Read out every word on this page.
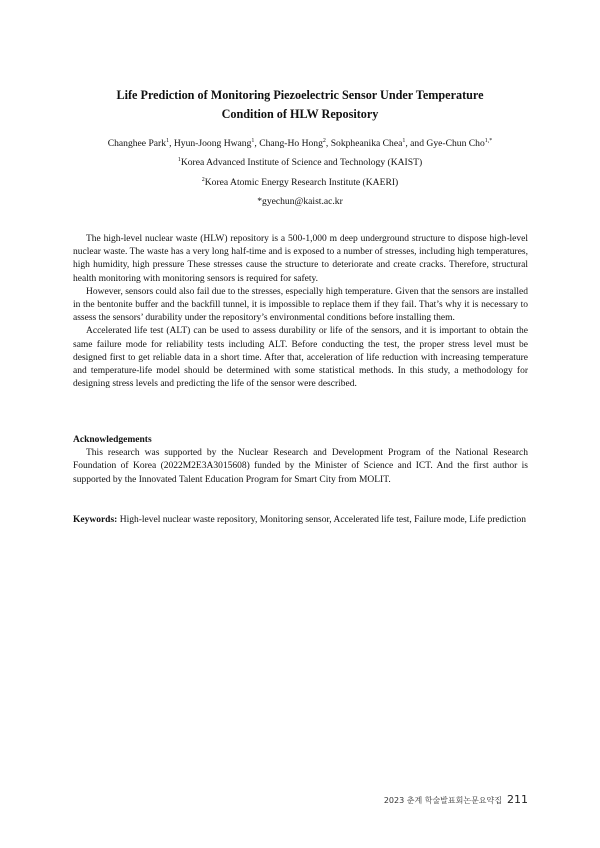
Life Prediction of Monitoring Piezoelectric Sensor Under Temperature
Condition of HLW Repository
Changhee Park$^1$, Hyun-Joong Hwang$^1$, Chang-Ho Hong$^2$, Sokpheanika Chea$^1$, and Gye-Chun Cho$^{1,*}$
$^1$Korea Advanced Institute of Science and Technology (KAIST)
$^2$Korea Atomic Energy Research Institute (KAERI)
*gyechun@kaist.ac.kr

The high-level nuclear waste (HLW) repository is a 500-1,000 m deep underground structure to dispose high-level nuclear waste. The waste has a very long half-time and is exposed to a number of stresses, including high temperatures, high humidity, high pressure These stresses cause the structure to deteriorate and create cracks. Therefore, structural health monitoring with monitoring sensors is required for safety.

However, sensors could also fail due to the stresses, especially high temperature. Given that the sensors are installed in the bentonite buffer and the backfill tunnel, it is impossible to replace them if they fail. That’s why it is necessary to assess the sensors’ durability under the repository’s environmental conditions before installing them.

Accelerated life test (ALT) can be used to assess durability or life of the sensors, and it is important to obtain the same failure mode for reliability tests including ALT. Before conducting the test, the proper stress level must be designed first to get reliable data in a short time. After that, acceleration of life reduction with increasing temperature and temperature-life model should be determined with some statistical methods. In this study, a methodology for designing stress levels and predicting the life of the sensor were described.

Acknowledgements

This research was supported by the Nuclear Research and Development Program of the National Research Foundation of Korea (2022M2E3A3015608) funded by the Minister of Science and ICT. And the first author is supported by the Innovated Talent Education Program for Smart City from MOLIT.

Keywords: High-level nuclear waste repository, Monitoring sensor, Accelerated life test, Failure mode, Life prediction
2023 춘계 학술발표회논문요약집 211
